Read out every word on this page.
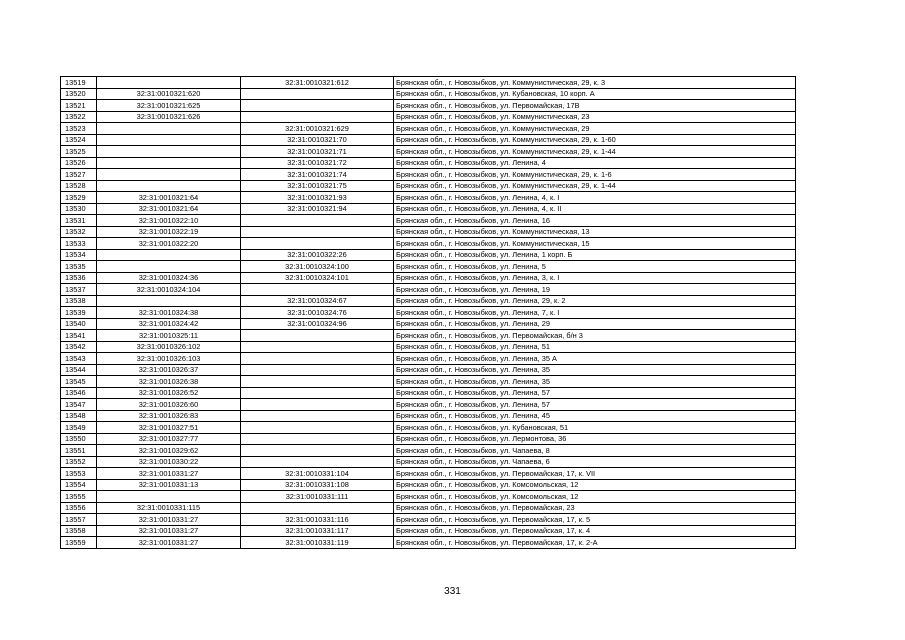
13519		32:31:0010321:612	Брянская обл., г. Новозыбков, ул. Коммунистическая, 29, к. 3
13520	32:31:0010321:620		Брянская обл., г. Новозыбков, ул. Кубановская, 10 корп. А
13521	32:31:0010321:625		Брянская обл., г. Новозыбков, ул. Первомайская, 17В
13522	32:31:0010321:626		Брянская обл., г. Новозыбков, ул. Коммунистическая, 23
13523		32:31:0010321:629	Брянская обл., г. Новозыбков, ул. Коммунистическая, 29
13524		32:31:0010321:70	Брянская обл., г. Новозыбков, ул. Коммунистическая, 29, к. 1-60
13525		32:31:0010321:71	Брянская обл., г. Новозыбков, ул. Коммунистическая, 29, к. 1-44
13526		32:31:0010321:72	Брянская обл., г. Новозыбков, ул. Ленина, 4
13527		32:31:0010321:74	Брянская обл., г. Новозыбков, ул. Коммунистическая, 29, к. 1-6
13528		32:31:0010321:75	Брянская обл., г. Новозыбков, ул. Коммунистическая, 29, к. 1-44
13529	32:31:0010321:64	32:31:0010321:93	Брянская обл., г. Новозыбков, ул. Ленина, 4, к. I
13530	32:31:0010321:64	32:31:0010321:94	Брянская обл., г. Новозыбков, ул. Ленина, 4, к. II
13531	32:31:0010322:10		Брянская обл., г. Новозыбков, ул. Ленина, 16
13532	32:31:0010322:19		Брянская обл., г. Новозыбков, ул. Коммунистическая, 13
13533	32:31:0010322:20		Брянская обл., г. Новозыбков, ул. Коммунистическая, 15
13534		32:31:0010322:26	Брянская обл., г. Новозыбков, ул. Ленина, 1 корп. Б
13535		32:31:0010324:100	Брянская обл., г. Новозыбков, ул. Ленина, 5
13536	32:31:0010324:36	32:31:0010324:101	Брянская обл., г. Новозыбков, ул. Ленина, 3, к. I
13537	32:31:0010324:104		Брянская обл., г. Новозыбков, ул. Ленина, 19
13538		32:31:0010324:67	Брянская обл., г. Новозыбков, ул. Ленина, 29, к. 2
13539	32:31:0010324:38	32:31:0010324:76	Брянская обл., г. Новозыбков, ул. Ленина, 7, к. I
13540	32:31:0010324:42	32:31:0010324:96	Брянская обл., г. Новозыбков, ул. Ленина, 29
13541	32:31:0010325:11		Брянская обл., г. Новозыбков, ул. Первомайская, б/н 3
13542	32:31:0010326:102		Брянская обл., г. Новозыбков, ул. Ленина, 51
13543	32:31:0010326:103		Брянская обл., г. Новозыбков, ул. Ленина, 35 А
13544	32:31:0010326:37		Брянская обл., г. Новозыбков, ул. Ленина, 35
13545	32:31:0010326:38		Брянская обл., г. Новозыбков, ул. Ленина, 35
13546	32:31:0010326:52		Брянская обл., г. Новозыбков, ул. Ленина, 57
13547	32:31:0010326:60		Брянская обл., г. Новозыбков, ул. Ленина, 57
13548	32:31:0010326:83		Брянская обл., г. Новозыбков, ул. Ленина, 45
13549	32:31:0010327:51		Брянская обл., г. Новозыбков, ул. Кубановская, 51
13550	32:31:0010327:77		Брянская обл., г. Новозыбков, ул. Лермонтова, 36
13551	32:31:0010329:62		Брянская обл., г. Новозыбков, ул. Чапаева, 8
13552	32:31:0010330:22		Брянская обл., г. Новозыбков, ул. Чапаева, 6
13553	32:31:0010331:27	32:31:0010331:104	Брянская обл., г. Новозыбков, ул. Первомайская, 17, к. VII
13554	32:31:0010331:13	32:31:0010331:108	Брянская обл., г. Новозыбков, ул. Комсомольская, 12
13555		32:31:0010331:111	Брянская обл., г. Новозыбков, ул. Комсомольская, 12
13556	32:31:0010331:115		Брянская обл., г. Новозыбков, ул. Первомайская, 23
13557	32:31:0010331:27	32:31:0010331:116	Брянская обл., г. Новозыбков, ул. Первомайская, 17, к. 5
13558	32:31:0010331:27	32:31:0010331:117	Брянская обл., г. Новозыбков, ул. Первомайская, 17, к. 4
13559	32:31:0010331:27	32:31:0010331:119	Брянская обл., г. Новозыбков, ул. Первомайская, 17, к. 2-А
331
